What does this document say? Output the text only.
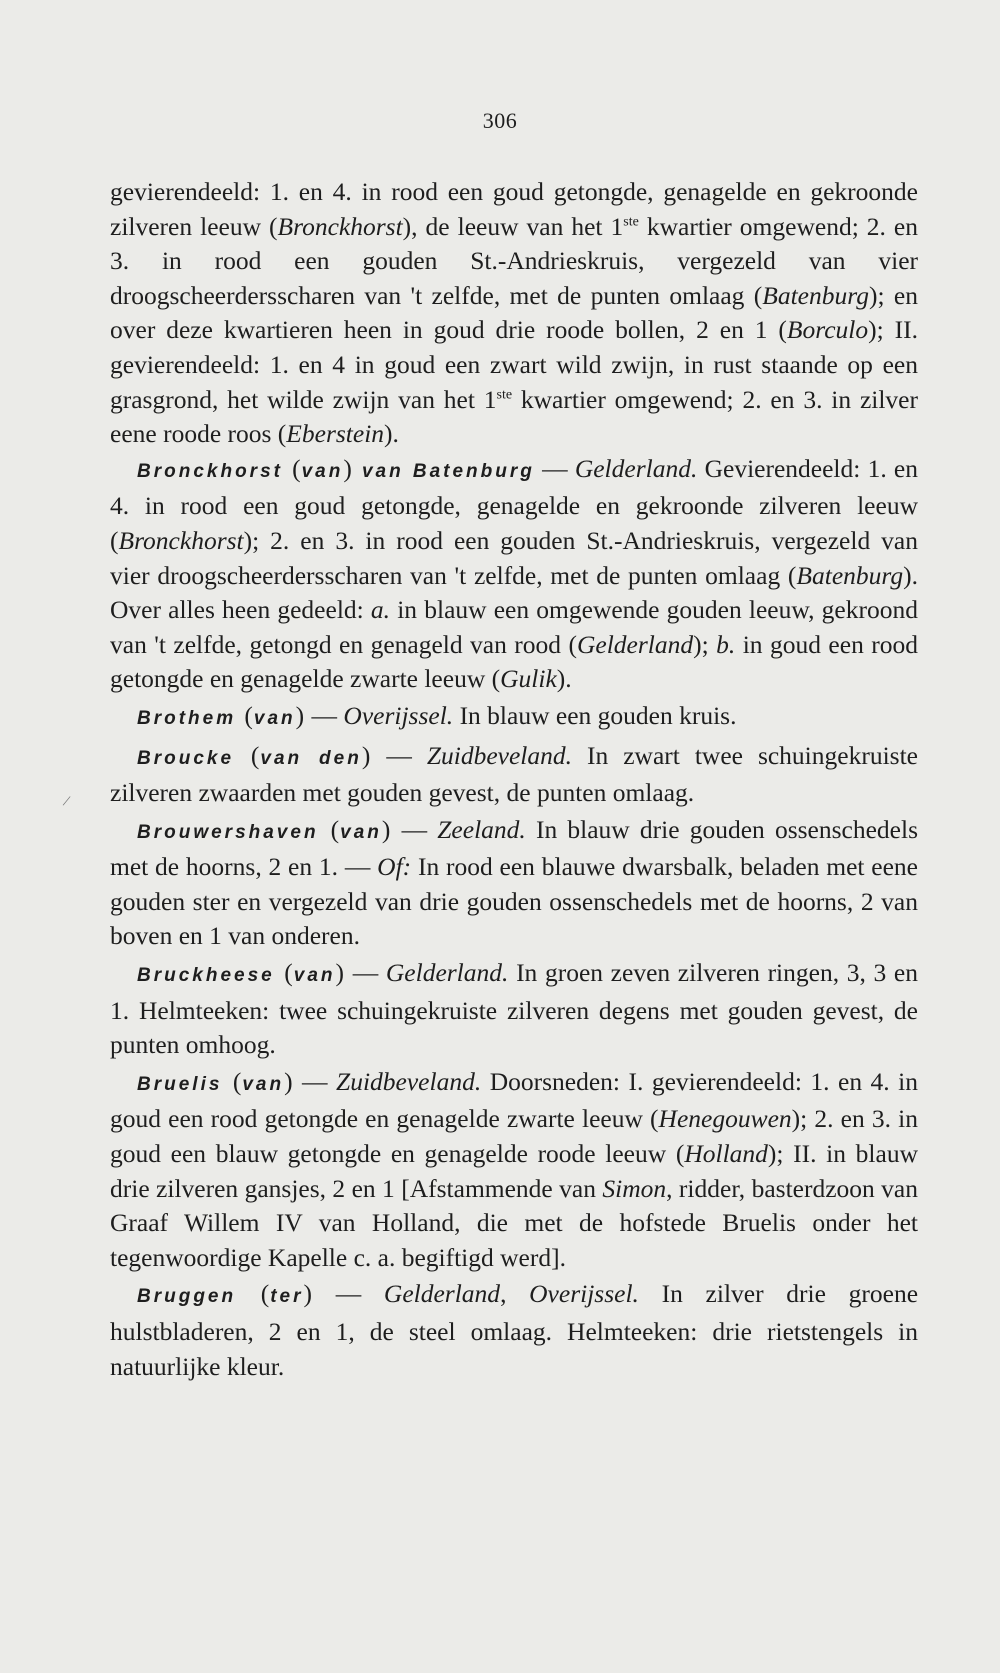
306
/

gevierendeeld: 1. en 4. in rood een goud getongde, genagelde en gekroonde zilveren leeuw (Bronckhorst), de leeuw van het 1ste kwartier omgewend; 2. en 3. in rood een gouden St.-Andrieskruis, vergezeld van vier droogscheerdersscharen van 't zelfde, met de punten omlaag (Batenburg); en over deze kwartieren heen in goud drie roode bollen, 2 en 1 (Borculo); II. gevierendeeld: 1. en 4 in goud een zwart wild zwijn, in rust staande op een grasgrond, het wilde zwijn van het 1ste kwartier omgewend; 2. en 3. in zilver eene roode roos (Eberstein).

Bronckhorst (van) van Batenburg — Gelderland. Gevierendeeld: 1. en 4. in rood een goud getongde, genagelde en gekroonde zilveren leeuw (Bronckhorst); 2. en 3. in rood een gouden St.-Andrieskruis, vergezeld van vier droogscheerdersscharen van 't zelfde, met de punten omlaag (Batenburg). Over alles heen gedeeld: a. in blauw een omgewende gouden leeuw, gekroond van 't zelfde, getongd en genageld van rood (Gelderland); b. in goud een rood getongde en genagelde zwarte leeuw (Gulik).

Brothem (van) — Overijssel. In blauw een gouden kruis.

Broucke (van den) — Zuidbeveland. In zwart twee schuingekruiste zilveren zwaarden met gouden gevest, de punten omlaag.

Brouwershaven (van) — Zeeland. In blauw drie gouden ossenschedels met de hoorns, 2 en 1. — Of: In rood een blauwe dwarsbalk, beladen met eene gouden ster en vergezeld van drie gouden ossenschedels met de hoorns, 2 van boven en 1 van onderen.

Bruckheese (van) — Gelderland. In groen zeven zilveren ringen, 3, 3 en 1. Helmteeken: twee schuingekruiste zilveren degens met gouden gevest, de punten omhoog.

Bruelis (van) — Zuidbeveland. Doorsneden: I. gevierendeeld: 1. en 4. in goud een rood getongde en genagelde zwarte leeuw (Henegouwen); 2. en 3. in goud een blauw getongde en genagelde roode leeuw (Holland); II. in blauw drie zilveren gansjes, 2 en 1 [Afstammende van Simon, ridder, basterdzoon van Graaf Willem IV van Holland, die met de hofstede Bruelis onder het tegenwoordige Kapelle c. a. begiftigd werd].

Bruggen (ter) — Gelderland, Overijssel. In zilver drie groene hulstbladeren, 2 en 1, de steel omlaag. Helmteeken: drie rietstengels in natuurlijke kleur.
